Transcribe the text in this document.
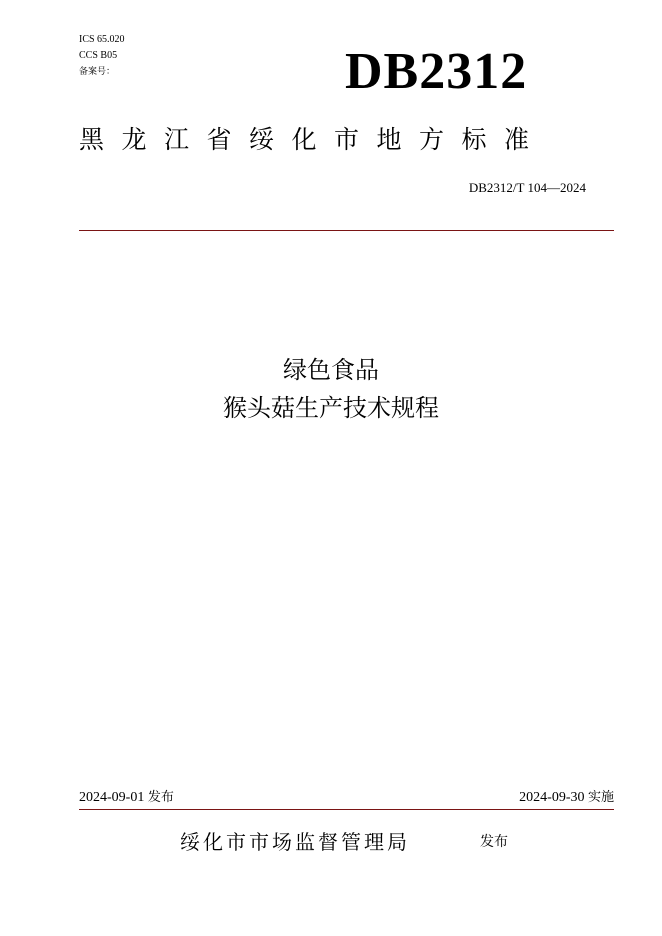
ICS 65.020
CCS B05
备案号：	DB2312
黑龙江省绥化市地方标准
DB2312/T 104—2024
绿色食品
猴头菇生产技术规程
2024-09-01 发布	2024-09-30 实施
绥化市市场监督管理局	发布
